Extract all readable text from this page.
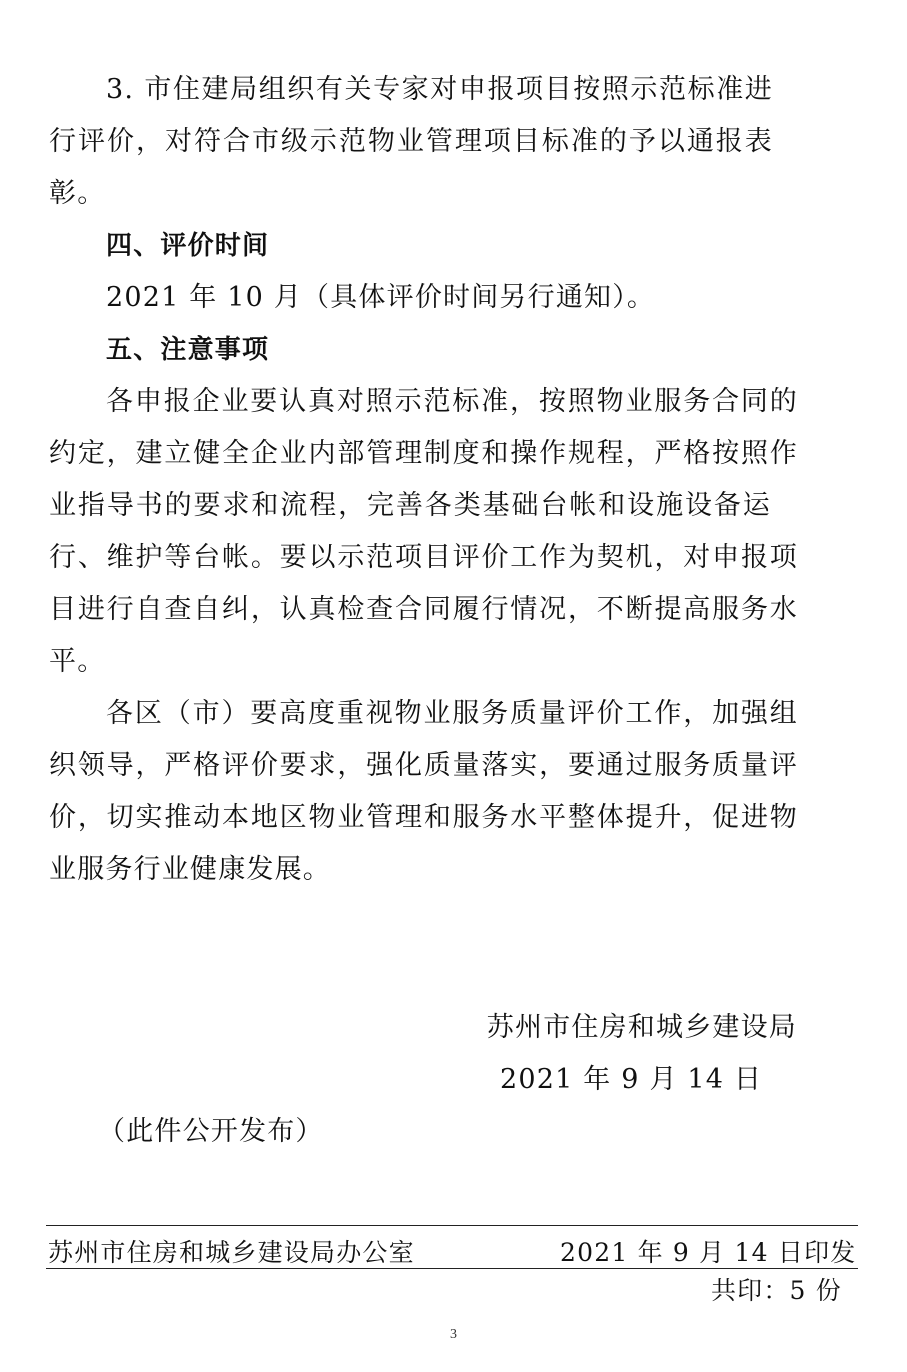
3. 市住建局组织有关专家对申报项目按照示范标准进
行评价，对符合市级示范物业管理项目标准的予以通报表
彰。
四、评价时间
2021 年 10 月（具体评价时间另行通知）。
五、注意事项
各申报企业要认真对照示范标准，按照物业服务合同的
约定，建立健全企业内部管理制度和操作规程，严格按照作
业指导书的要求和流程，完善各类基础台帐和设施设备运
行、维护等台帐。要以示范项目评价工作为契机，对申报项
目进行自查自纠，认真检查合同履行情况，不断提高服务水
平。
各区（市）要高度重视物业服务质量评价工作，加强组
织领导，严格评价要求，强化质量落实，要通过服务质量评
价，切实推动本地区物业管理和服务水平整体提升，促进物
业服务行业健康发展。
苏州市住房和城乡建设局
2021 年 9 月 14 日
（此件公开发布）
苏州市住房和城乡建设局办公室	2021 年 9 月 14 日印发
共印：5 份
3
